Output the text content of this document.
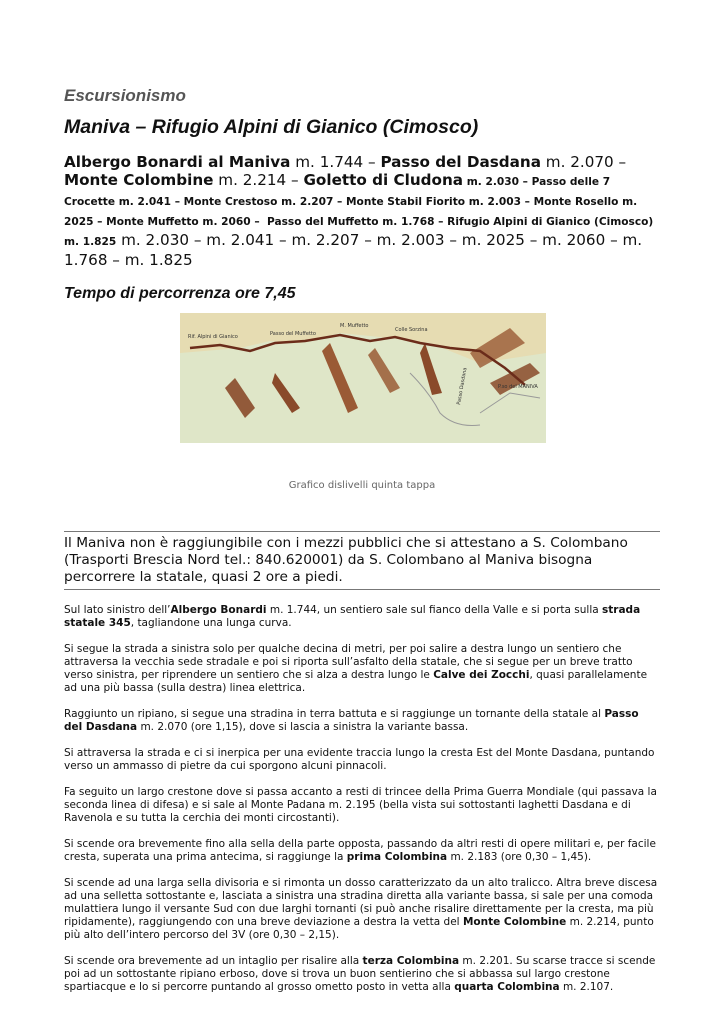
Escursionismo
Maniva – Rifugio Alpini di Gianico (Cimosco)

Albergo Bonardi al Maniva m. 1.744 – Passo del Dasdana m. 2.070 –
Monte Colombine m. 2.214 – Goletto di Cludona m. 2.030 – Passo delle 7 Crocette m. 2.041 – Monte Crestoso m. 2.207 – Monte Stabil Fiorito m. 2.003 – Monte Rosello m. 2025 – Monte Muffetto m. 2060 –  Passo del Muffetto m. 1.768 – Rifugio Alpini di Gianico (Cimosco) m. 1.825 m. 2.030 – m. 2.041 – m. 2.207 – m. 2.003 – m. 2025 – m. 2060 – m. 1.768 – m. 1.825

Tempo di percorrenza ore 7,45
Rif. Alpini di Gianico	Passo del Muffetto
M. Muffetto
Colle Sorzina
Passo Dasdana	P.so del MANIVA
Grafico dislivelli quinta tappa
Il Maniva non è raggiungibile con i mezzi pubblici che si attestano a S. Colombano (Trasporti Brescia Nord tel.: 840.620001) da S. Colombano al Maniva bisogna percorrere la statale, quasi 2 ore a piedi.

Sul lato sinistro dell’Albergo Bonardi m. 1.744, un sentiero sale sul fianco della Valle e si porta sulla strada statale 345, tagliandone una lunga curva.

Si segue la strada a sinistra solo per qualche decina di metri, per poi salire a destra lungo un sentiero che attraversa la vecchia sede stradale e poi si riporta sull’asfalto della statale, che si segue per un breve tratto verso sinistra, per riprendere un sentiero che si alza a destra lungo le Calve dei Zocchi, quasi parallelamente ad una più bassa (sulla destra) linea elettrica.

Raggiunto un ripiano, si segue una stradina in terra battuta e si raggiunge un tornante della statale al Passo del Dasdana m. 2.070 (ore 1,15), dove si lascia a sinistra la variante bassa.

Si attraversa la strada e ci si inerpica per una evidente traccia lungo la cresta Est del Monte Dasdana, puntando verso un ammasso di pietre da cui sporgono alcuni pinnacoli.

Fa seguito un largo crestone dove si passa accanto a resti di trincee della Prima Guerra Mondiale (qui passava la seconda linea di difesa) e si sale al Monte Padana m. 2.195 (bella vista sui sottostanti laghetti Dasdana e di Ravenola e su tutta la cerchia dei monti circostanti).

Si scende ora brevemente fino alla sella della parte opposta, passando da altri resti di opere militari e, per facile cresta, superata una prima antecima, si raggiunge la prima Colombina m. 2.183 (ore 0,30 – 1,45).

Si scende ad una larga sella divisoria e si rimonta un dosso caratterizzato da un alto tralicco. Altra breve discesa ad una selletta sottostante e, lasciata a sinistra una stradina diretta alla variante bassa, si sale per una comoda mulattiera lungo il versante Sud con due larghi tornanti (si può anche risalire direttamente per la cresta, ma più ripidamente), raggiungendo con una breve deviazione a destra la vetta del Monte Colombine m. 2.214, punto più alto dell’intero percorso del 3V (ore 0,30 – 2,15).

Si scende ora brevemente ad un intaglio per risalire alla terza Colombina m. 2.201. Su scarse tracce si scende poi ad un sottostante ripiano erboso, dove si trova un buon sentierino che si abbassa sul largo crestone spartiacque e lo si percorre puntando al grosso ometto posto in vetta alla quarta Colombina m. 2.107.
